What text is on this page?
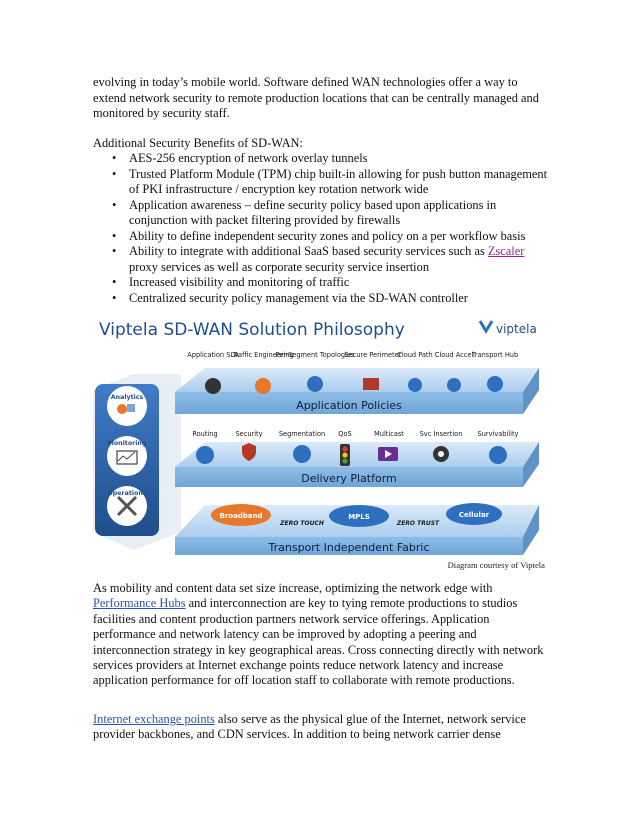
evolving in today’s mobile world. Software defined WAN technologies offer a way to extend network security to remote production locations that can be centrally managed and monitored by security staff.

Additional Security Benefits of SD-WAN:

• AES-256 encryption of network overlay tunnels
• Trusted Platform Module (TPM) chip built-in allowing for push button management of PKI infrastructure / encryption key rotation network wide
• Application awareness – define security policy based upon applications in conjunction with packet filtering provided by firewalls
• Ability to define independent security zones and policy on a per workflow basis
• Ability to integrate with additional SaaS based security services such as Zscaler proxy services as well as corporate security service insertion
• Increased visibility and monitoring of traffic
• Centralized security policy management via the SD-WAN controller
Viptela SD-WAN Solution Philosophy	viptela
Analytics
Monitoring
Operations
Application Policies
Application SLA
Traffic Engineering
Per-Segment Topologies
Secure Perimeter
Cloud Path Cloud Accel
Transport Hub
Delivery Platform
Routing	Security Segmentation QoS	Multicast Svc Insertion Survivability
Transport Independent Fabric
Broadband	MPLS	Cellular
ZERO TOUCH	ZERO TRUST
Diagram courtesy of Viptela

As mobility and content data set size increase, optimizing the network edge with Performance Hubs and interconnection are key to tying remote productions to studios facilities and content production partners network service offerings. Application performance and network latency can be improved by adopting a peering and interconnection strategy in key geographical areas. Cross connecting directly with network services providers at Internet exchange points reduce network latency and increase application performance for off location staff to collaborate with remote productions.

Internet exchange points also serve as the physical glue of the Internet, network service provider backbones, and CDN services. In addition to being network carrier dense
